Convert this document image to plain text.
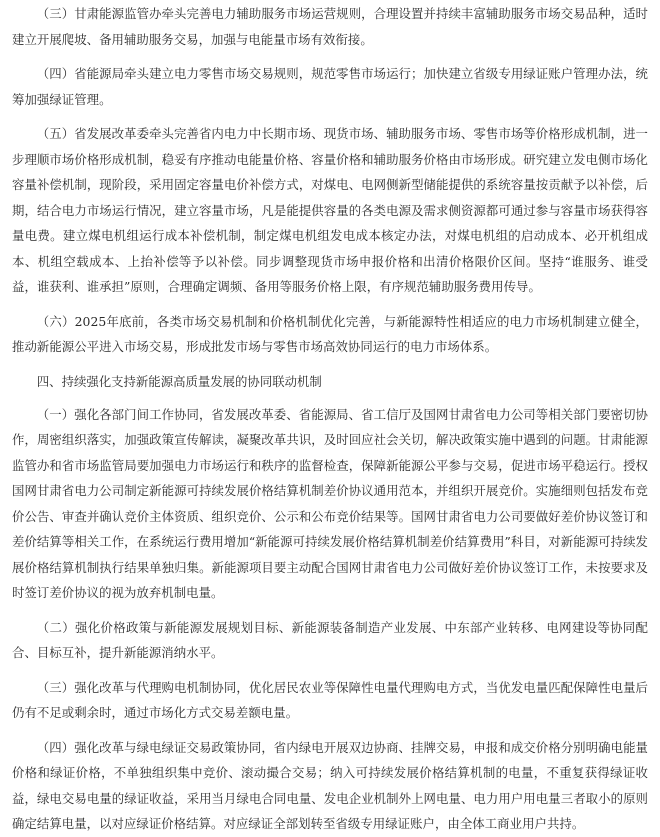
（三）甘肃能源监管办牵头完善电力辅助服务市场运营规则，合理设置并持续丰富辅助服务市场交易品种，适时建立开展爬坡、备用辅助服务交易，加强与电能量市场有效衔接。

（四）省能源局牵头建立电力零售市场交易规则，规范零售市场运行；加快建立省级专用绿证账户管理办法，统筹加强绿证管理。

（五）省发展改革委牵头完善省内电力中长期市场、现货市场、辅助服务市场、零售市场等价格形成机制，进一步理顺市场价格形成机制，稳妥有序推动电能量价格、容量价格和辅助服务价格由市场形成。研究建立发电侧市场化容量补偿机制，现阶段，采用固定容量电价补偿方式，对煤电、电网侧新型储能提供的系统容量按贡献予以补偿，后期，结合电力市场运行情况，建立容量市场，凡是能提供容量的各类电源及需求侧资源都可通过参与容量市场获得容量电费。建立煤电机组运行成本补偿机制，制定煤电机组发电成本核定办法，对煤电机组的启动成本、必开机组成本、机组空载成本、上抬补偿等予以补偿。同步调整现货市场申报价格和出清价格限价区间。坚持“谁服务、谁受益，谁获利、谁承担”原则，合理确定调频、备用等服务价格上限，有序规范辅助服务费用传导。

（六）2025年底前，各类市场交易机制和价格机制优化完善，与新能源特性相适应的电力市场机制建立健全，推动新能源公平进入市场交易，形成批发市场与零售市场高效协同运行的电力市场体系。

四、持续强化支持新能源高质量发展的协同联动机制

（一）强化各部门间工作协同，省发展改革委、省能源局、省工信厅及国网甘肃省电力公司等相关部门要密切协作，周密组织落实，加强政策宣传解读，凝聚改革共识，及时回应社会关切，解决政策实施中遇到的问题。甘肃能源监管办和省市场监管局要加强电力市场运行和秩序的监督检查，保障新能源公平参与交易，促进市场平稳运行。授权国网甘肃省电力公司制定新能源可持续发展价格结算机制差价协议通用范本，并组织开展竞价。实施细则包括发布竞价公告、审查并确认竞价主体资质、组织竞价、公示和公布竞价结果等。国网甘肃省电力公司要做好差价协议签订和差价结算等相关工作，在系统运行费用增加“新能源可持续发展价格结算机制差价结算费用”科目，对新能源可持续发展价格结算机制执行结果单独归集。新能源项目要主动配合国网甘肃省电力公司做好差价协议签订工作，未按要求及时签订差价协议的视为放弃机制电量。

（二）强化价格政策与新能源发展规划目标、新能源装备制造产业发展、中东部产业转移、电网建设等协同配合、目标互补，提升新能源消纳水平。

（三）强化改革与代理购电机制协同，优化居民农业等保障性电量代理购电方式，当优发电量匹配保障性电量后仍有不足或剩余时，通过市场化方式交易差额电量。

（四）强化改革与绿电绿证交易政策协同，省内绿电开展双边协商、挂牌交易，申报和成交价格分别明确电能量价格和绿证价格，不单独组织集中竞价、滚动撮合交易；纳入可持续发展价格结算机制的电量，不重复获得绿证收益，绿电交易电量的绿证收益，采用当月绿电合同电量、发电企业机制外上网电量、电力用户用电量三者取小的原则确定结算电量，以对应绿证价格结算。对应绿证全部划转至省级专用绿证账户，由全体工商业用户共持。
